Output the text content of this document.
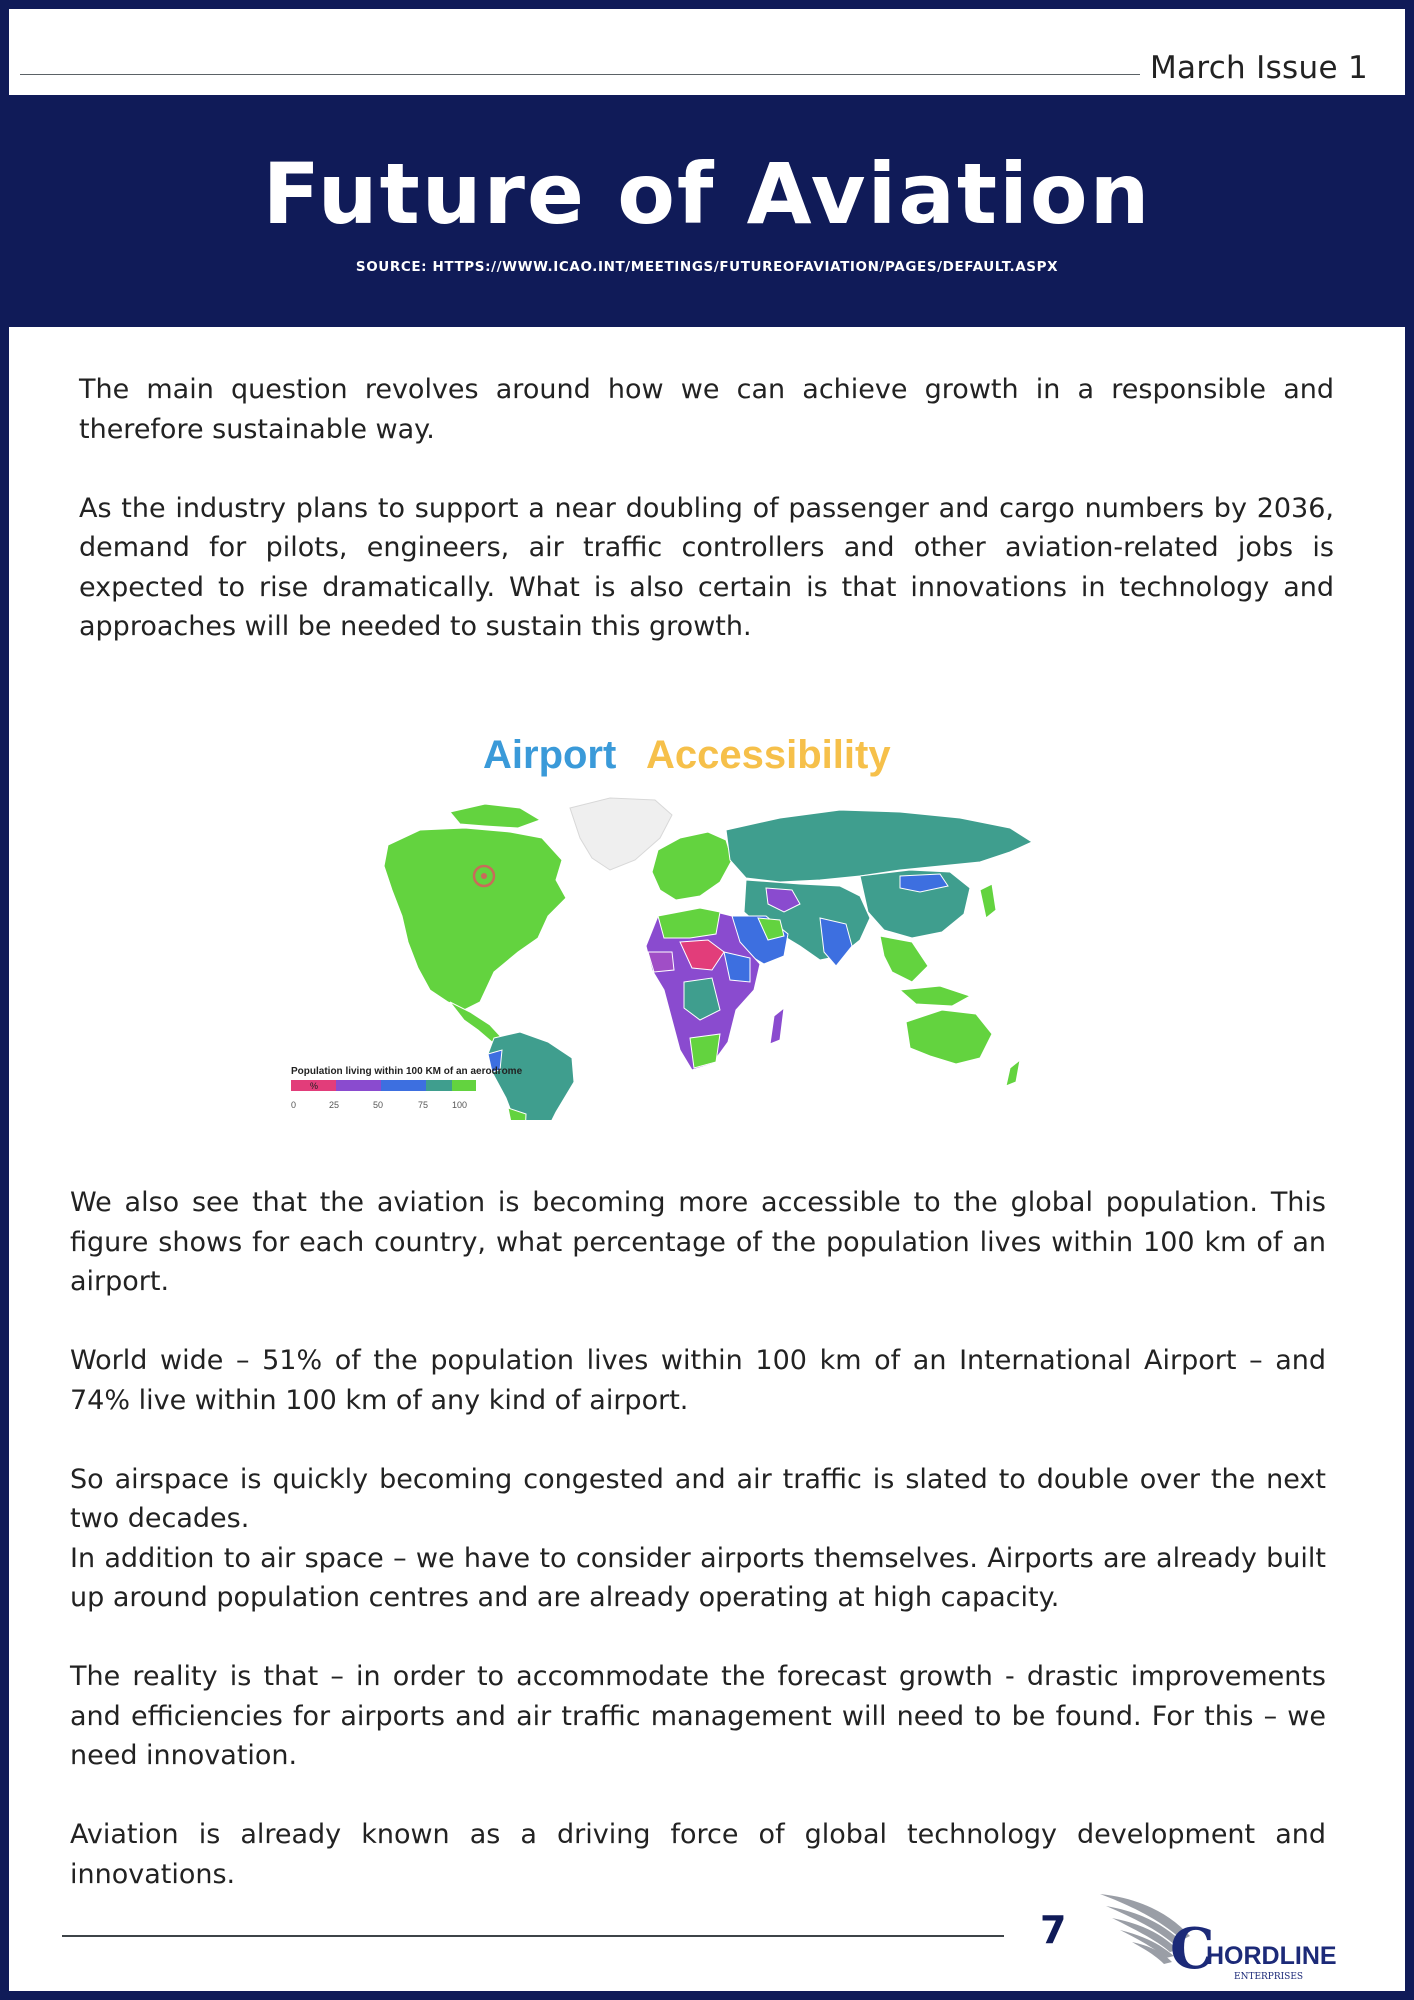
March Issue 1
Future of Aviation
SOURCE: HTTPS://WWW.ICAO.INT/MEETINGS/FUTUREOFAVIATION/PAGES/DEFAULT.ASPX

The main question revolves around how we can achieve growth in a responsible and therefore sustainable way.

As the industry plans to support a near doubling of passenger and cargo numbers by 2036, demand for pilots, engineers, air traffic controllers and other aviation-related jobs is expected to rise dramatically. What is also certain is that innovations in technology and approaches will be needed to sustain this growth.

Airport Accessibility
Population living within 100 KM of an aerodrome
%
0	25	50	75	100

We also see that the aviation is becoming more accessible to the global population. This figure shows for each country, what percentage of the population lives within 100 km of an airport.

World wide – 51% of the population lives within 100 km of an International Airport – and 74% live within 100 km of any kind of airport.

So airspace is quickly becoming congested and air traffic is slated to double over the next two decades.

In addition to air space – we have to consider airports themselves. Airports are already built up around population centres and are already operating at high capacity.

The reality is that – in order to accommodate the forecast growth - drastic improvements and efficiencies for airports and air traffic management will need to be found. For this – we need innovation.

Aviation is already known as a driving force of global technology development and innovations.

7 C
HORDLINE
ENTERPRISES
